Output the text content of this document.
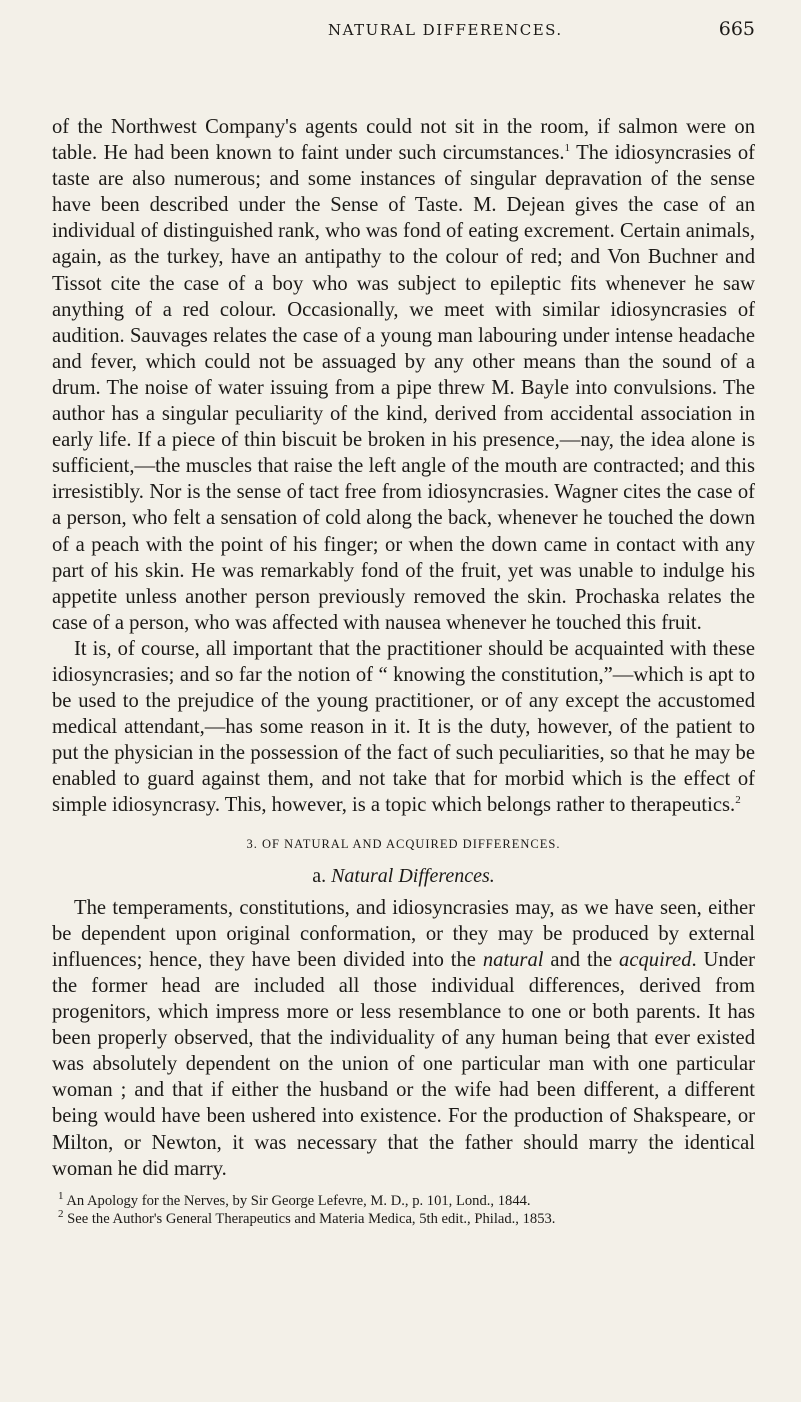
NATURAL DIFFERENCES.	665

of the Northwest Company's agents could not sit in the room, if salmon were on table. He had been known to faint under such circumstances.$^1$ The idiosyncrasies of taste are also numerous; and some instances of singular depravation of the sense have been described under the Sense of Taste. M. Dejean gives the case of an individual of distinguished rank, who was fond of eating excrement. Certain animals, again, as the turkey, have an antipathy to the colour of red; and Von Buchner and Tissot cite the case of a boy who was subject to epileptic fits whenever he saw anything of a red colour. Occasionally, we meet with similar idiosyncrasies of audition. Sauvages relates the case of a young man labouring under intense headache and fever, which could not be assuaged by any other means than the sound of a drum. The noise of water issuing from a pipe threw M. Bayle into convulsions. The author has a singular peculiarity of the kind, derived from accidental association in early life. If a piece of thin biscuit be broken in his presence,—nay, the idea alone is sufficient,—the muscles that raise the left angle of the mouth are contracted; and this irresistibly. Nor is the sense of tact free from idiosyncrasies. Wagner cites the case of a person, who felt a sensation of cold along the back, whenever he touched the down of a peach with the point of his finger; or when the down came in contact with any part of his skin. He was remarkably fond of the fruit, yet was unable to indulge his appetite unless another person previously removed the skin. Prochaska relates the case of a person, who was affected with nausea whenever he touched this fruit.

It is, of course, all important that the practitioner should be acquainted with these idiosyncrasies; and so far the notion of “ knowing the constitution,”—which is apt to be used to the prejudice of the young practitioner, or of any except the accustomed medical attendant,—has some reason in it. It is the duty, however, of the patient to put the physician in the possession of the fact of such peculiarities, so that he may be enabled to guard against them, and not take that for morbid which is the effect of simple idiosyncrasy. This, however, is a topic which belongs rather to therapeutics.$^2$

3. OF NATURAL AND ACQUIRED DIFFERENCES.
a. Natural Differences.

The temperaments, constitutions, and idiosyncrasies may, as we have seen, either be dependent upon original conformation, or they may be produced by external influences; hence, they have been divided into the natural and the acquired. Under the former head are included all those individual differences, derived from progenitors, which impress more or less resemblance to one or both parents. It has been properly observed, that the individuality of any human being that ever existed was absolutely dependent on the union of one particular man with one particular woman ; and that if either the husband or the wife had been different, a different being would have been ushered into existence. For the production of Shakspeare, or Milton, or Newton, it was necessary that the father should marry the identical woman he did marry.

$^1$ An Apology for the Nerves, by Sir George Lefevre, M. D., p. 101, Lond., 1844.

$^2$ See the Author's General Therapeutics and Materia Medica, 5th edit., Philad., 1853.
